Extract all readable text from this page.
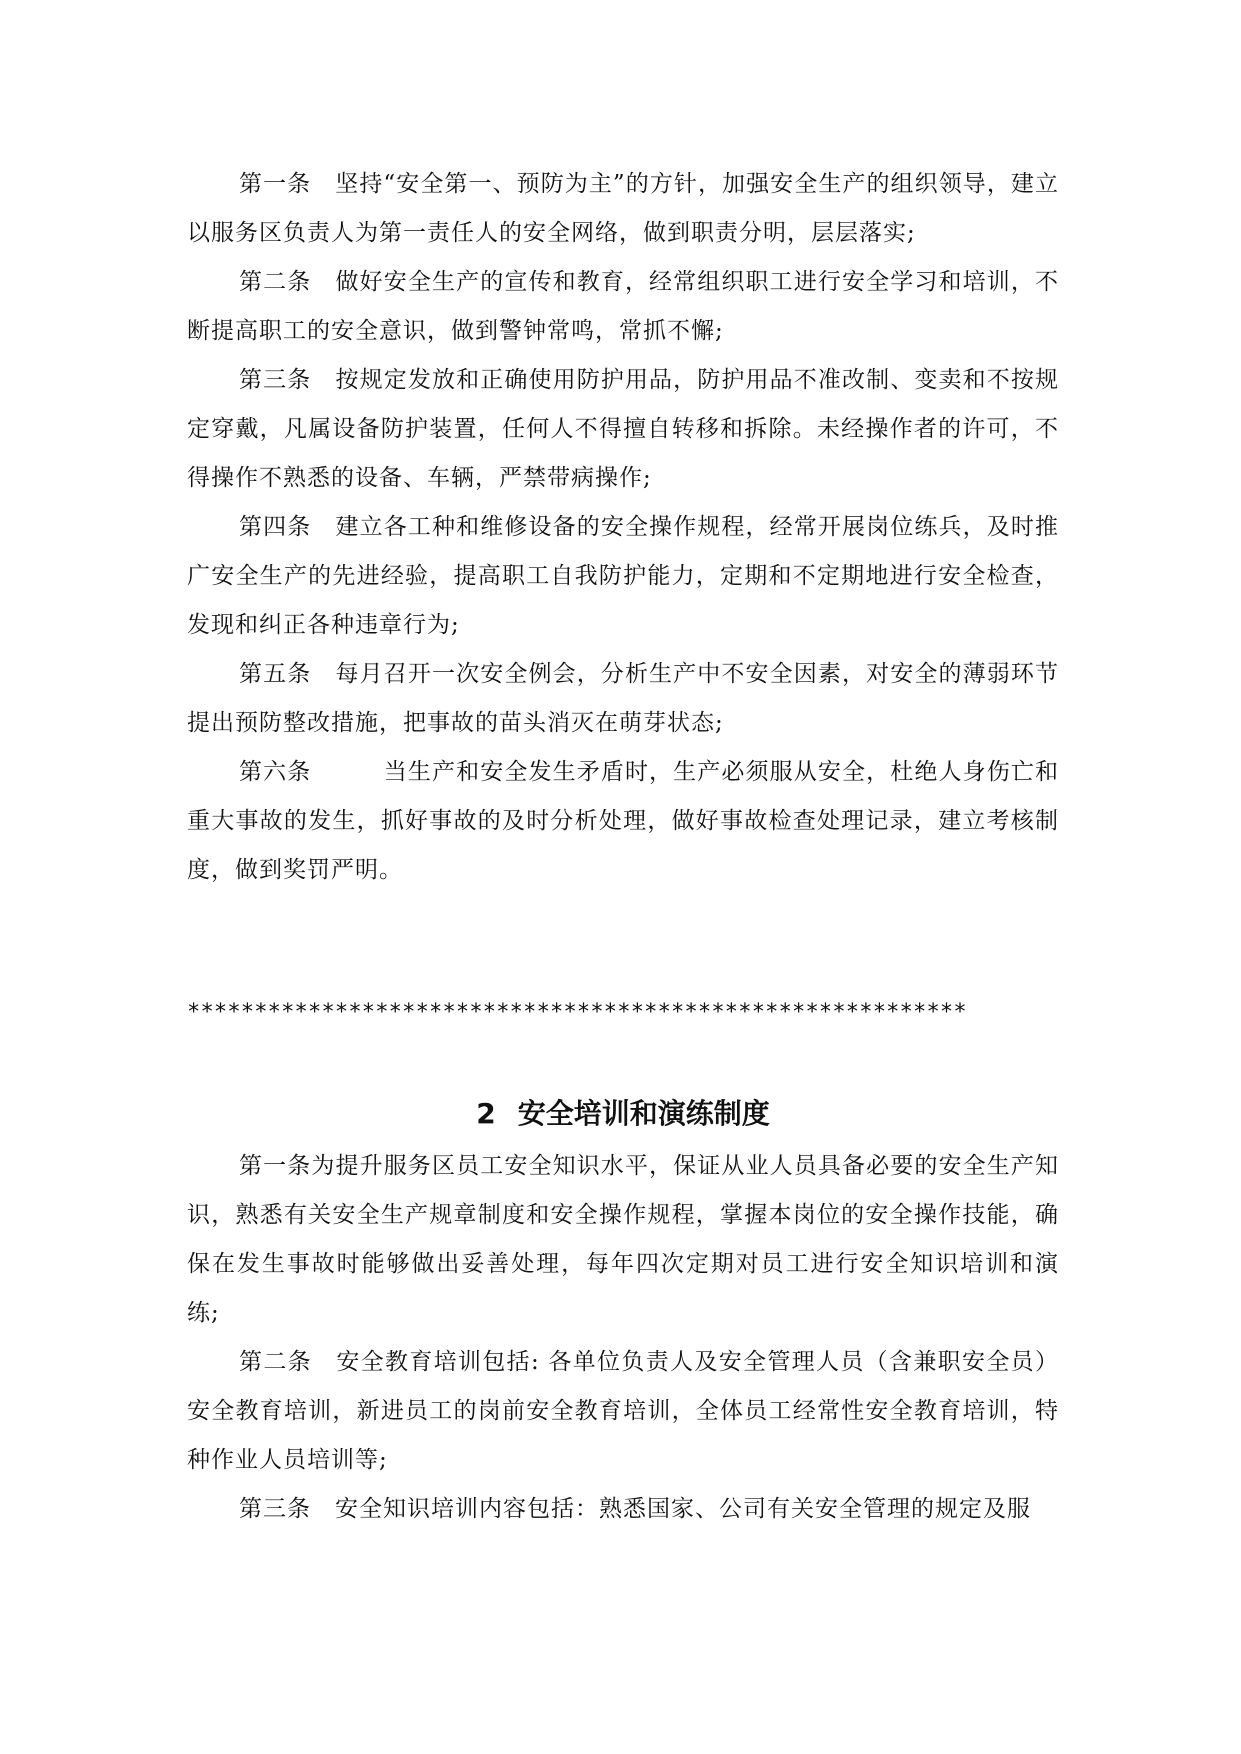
第一条　坚持“安全第一、预防为主”的方针，加强安全生产的组织领导，建立以服务区负责人为第一责任人的安全网络，做到职责分明，层层落实;

第二条　做好安全生产的宣传和教育，经常组织职工进行安全学习和培训，不断提高职工的安全意识，做到警钟常鸣，常抓不懈;

第三条　按规定发放和正确使用防护用品，防护用品不准改制、变卖和不按规定穿戴，凡属设备防护装置，任何人不得擅自转移和拆除。未经操作者的许可，不得操作不熟悉的设备、车辆，严禁带病操作;

第四条　建立各工种和维修设备的安全操作规程，经常开展岗位练兵，及时推广安全生产的先进经验，提高职工自我防护能力，定期和不定期地进行安全检查，发现和纠正各种违章行为;

第五条　每月召开一次安全例会，分析生产中不安全因素，对安全的薄弱环节提出预防整改措施，把事故的苗头消灭在萌芽状态;

第六条　　　当生产和安全发生矛盾时，生产必须服从安全，杜绝人身伤亡和重大事故的发生，抓好事故的及时分析处理，做好事故检查处理记录，建立考核制度，做到奖罚严明。

**********************************************************
2 安全培训和演练制度

第一条为提升服务区员工安全知识水平，保证从业人员具备必要的安全生产知识，熟悉有关安全生产规章制度和安全操作规程，掌握本岗位的安全操作技能，确保在发生事故时能够做出妥善处理，每年四次定期对员工进行安全知识培训和演练;

第二条　安全教育培训包括: 各单位负责人及安全管理人员（含兼职安全员）安全教育培训，新进员工的岗前安全教育培训，全体员工经常性安全教育培训，特种作业人员培训等;

第三条　安全知识培训内容包括：熟悉国家、公司有关安全管理的规定及服
